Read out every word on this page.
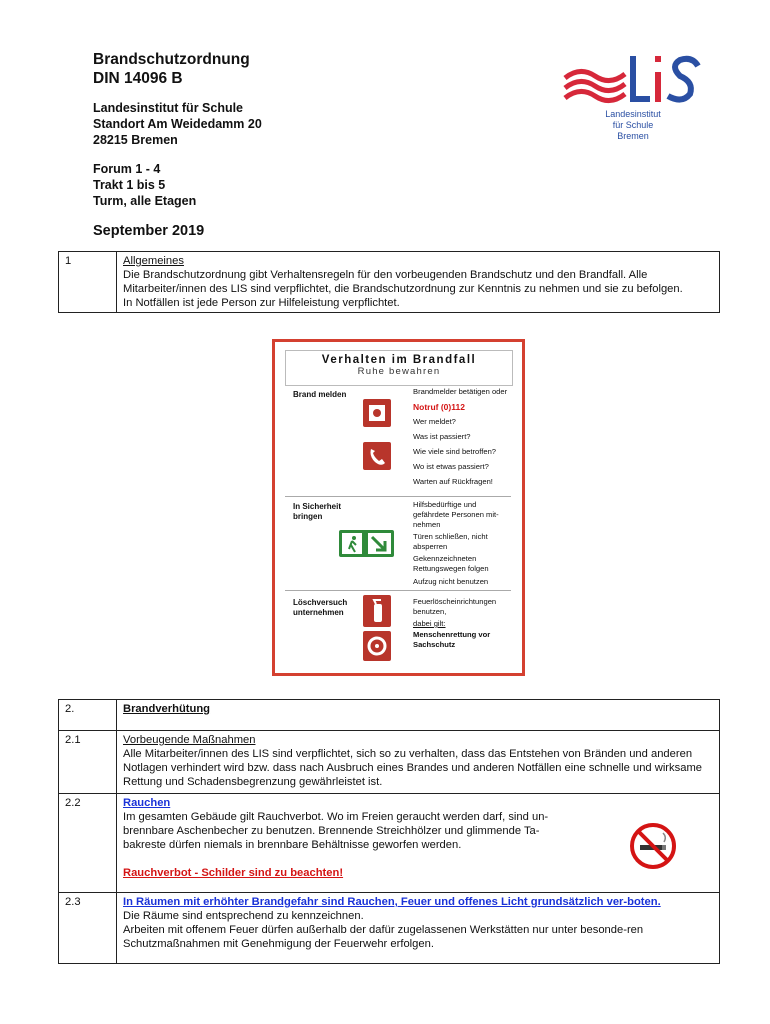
Brandschutzordnung
DIN 14096 B
Landesinstitut für Schule
Standort Am Weidedamm 20
28215 Bremen
Forum 1 - 4
Trakt 1 bis 5
Turm, alle Etagen
September 2019
Landesinstitut
für Schule
Bremen
1	Allgemeines
Die Brandschutzordnung gibt Verhaltensregeln für den vorbeugenden Brandschutz und den Brandfall. Alle Mitarbeiter/innen des LIS sind verpflichtet, die Brandschutzordnung zur Kenntnis zu nehmen und sie zu befolgen.
In Notfällen ist jede Person zur Hilfeleistung verpflichtet.
Verhalten im Brandfall
Ruhe bewahren
Brand melden	Brandmelder betätigen oder
Notruf (0)112
Wer meldet?
Was ist passiert?
Wie viele sind betroffen?
Wo ist etwas passiert?
Warten auf Rückfragen!
In Sicherheit bringen
Hilfsbedürftige und
gefährdete Personen mit-
nehmen
Türen schließen, nicht
absperren
Gekennzeichneten
Rettungswegen folgen
Aufzug nicht benutzen
Löschversuch unternehmen
Feuerlöscheinrichtungen
benutzen,
dabei gilt:
Menschenrettung vor
Sachschutz
2.	Brandverhütung

2.1	Vorbeugende Maßnahmen
Alle Mitarbeiter/innen des LIS sind verpflichtet, sich so zu verhalten, dass das Entstehen von Bränden und anderen Notlagen verhindert wird bzw. dass nach Ausbruch eines Brandes und anderen Notfällen eine schnelle und wirksame Rettung und Schadensbegrenzung gewährleistet ist.

2.2	Rauchen
Im gesamten Gebäude gilt Rauchverbot. Wo im Freien geraucht werden darf, sind un-
brennbare Aschenbecher zu benutzen. Brennende Streichhölzer und glimmende Ta-
bakreste dürfen niemals in brennbare Behältnisse geworfen werden.
Rauchverbot - Schilder sind zu beachten!

2.3	In Räumen mit erhöhter Brandgefahr sind Rauchen, Feuer und offenes Licht grundsätzlich ver-boten.
Die Räume sind entsprechend zu kennzeichnen.
Arbeiten mit offenem Feuer dürfen außerhalb der dafür zugelassenen Werkstätten nur unter besonde-ren Schutzmaßnahmen mit Genehmigung der Feuerwehr erfolgen.
